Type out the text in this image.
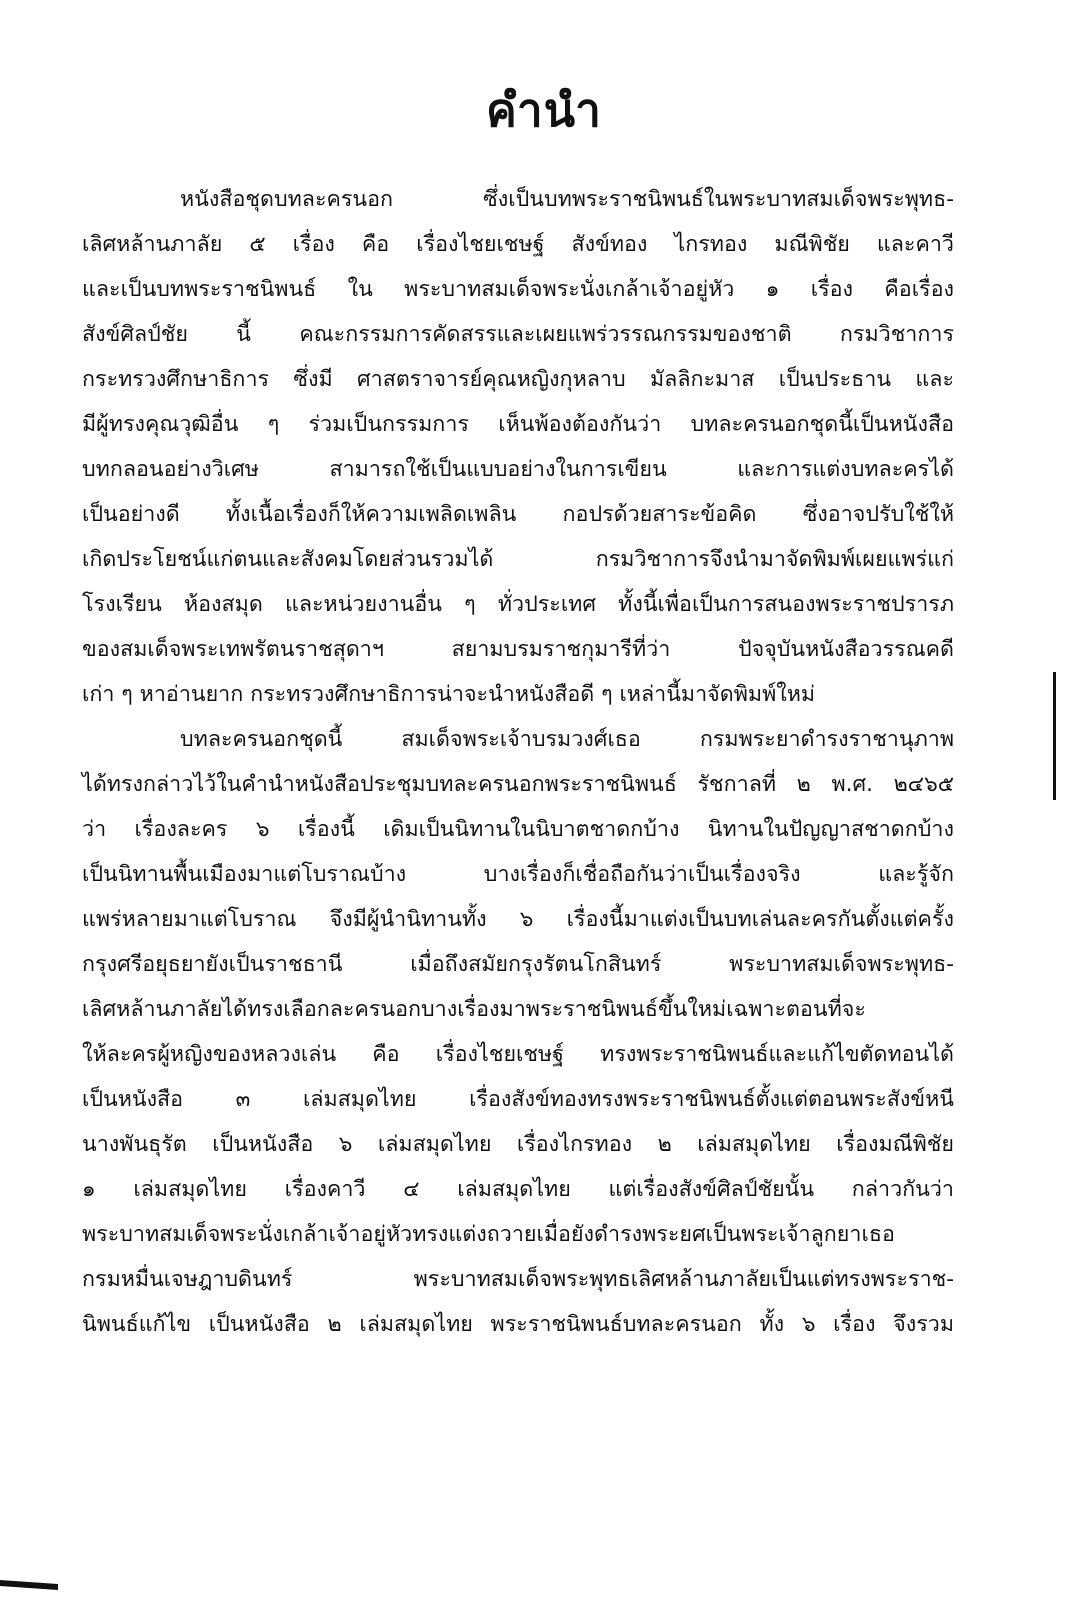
คำนำ
หนังสือชุดบทละครนอก ซึ่งเป็นบทพระราชนิพนธ์ในพระบาทสมเด็จพระพุทธ-
เลิศหล้านภาลัย ๕ เรื่อง คือ เรื่องไชยเชษฐ์ สังข์ทอง ไกรทอง มณีพิชัย และคาวี
และเป็นบทพระราชนิพนธ์ ใน พระบาทสมเด็จพระนั่งเกล้าเจ้าอยู่หัว ๑ เรื่อง คือเรื่อง
สังข์ศิลป์ชัย นี้ คณะกรรมการคัดสรรและเผยแพร่วรรณกรรมของชาติ กรมวิชาการ
กระทรวงศึกษาธิการ ซึ่งมี ศาสตราจารย์คุณหญิงกุหลาบ มัลลิกะมาส เป็นประธาน และ
มีผู้ทรงคุณวุฒิอื่น ๆ ร่วมเป็นกรรมการ เห็นพ้องต้องกันว่า บทละครนอกชุดนี้เป็นหนังสือ
บทกลอนอย่างวิเศษ สามารถใช้เป็นแบบอย่างในการเขียน และการแต่งบทละครได้
เป็นอย่างดี ทั้งเนื้อเรื่องก็ให้ความเพลิดเพลิน กอปรด้วยสาระข้อคิด ซึ่งอาจปรับใช้ให้
เกิดประโยชน์แก่ตนและสังคมโดยส่วนรวมได้ กรมวิชาการจึงนำมาจัดพิมพ์เผยแพร่แก่
โรงเรียน ห้องสมุด และหน่วยงานอื่น ๆ ทั่วประเทศ ทั้งนี้เพื่อเป็นการสนองพระราชปรารภ
ของสมเด็จพระเทพรัตนราชสุดาฯ สยามบรมราชกุมารีที่ว่า ปัจจุบันหนังสือวรรณคดี
เก่า ๆ หาอ่านยาก กระทรวงศึกษาธิการน่าจะนำหนังสือดี ๆ เหล่านี้มาจัดพิมพ์ใหม่
บทละครนอกชุดนี้ สมเด็จพระเจ้าบรมวงศ์เธอ กรมพระยาดำรงราชานุภาพ
ได้ทรงกล่าวไว้ในคำนำหนังสือประชุมบทละครนอกพระราชนิพนธ์ รัชกาลที่ ๒ พ.ศ. ๒๔๖๕
ว่า เรื่องละคร ๖ เรื่องนี้ เดิมเป็นนิทานในนิบาตชาดกบ้าง นิทานในปัญญาสชาดกบ้าง
เป็นนิทานพื้นเมืองมาแต่โบราณบ้าง บางเรื่องก็เชื่อถือกันว่าเป็นเรื่องจริง และรู้จัก
แพร่หลายมาแต่โบราณ จึงมีผู้นำนิทานทั้ง ๖ เรื่องนี้มาแต่งเป็นบทเล่นละครกันตั้งแต่ครั้ง
กรุงศรีอยุธยายังเป็นราชธานี เมื่อถึงสมัยกรุงรัตนโกสินทร์ พระบาทสมเด็จพระพุทธ-
เลิศหล้านภาลัยได้ทรงเลือกละครนอกบางเรื่องมาพระราชนิพนธ์ขึ้นใหม่เฉพาะตอนที่จะ
ให้ละครผู้หญิงของหลวงเล่น คือ เรื่องไชยเชษฐ์ ทรงพระราชนิพนธ์และแก้ไขตัดทอนได้
เป็นหนังสือ ๓ เล่มสมุดไทย เรื่องสังข์ทองทรงพระราชนิพนธ์ตั้งแต่ตอนพระสังข์หนี
นางพันธุรัต เป็นหนังสือ ๖ เล่มสมุดไทย เรื่องไกรทอง ๒ เล่มสมุดไทย เรื่องมณีพิชัย
๑ เล่มสมุดไทย เรื่องคาวี ๔ เล่มสมุดไทย แต่เรื่องสังข์ศิลป์ชัยนั้น กล่าวกันว่า
พระบาทสมเด็จพระนั่งเกล้าเจ้าอยู่หัวทรงแต่งถวายเมื่อยังดำรงพระยศเป็นพระเจ้าลูกยาเธอ
กรมหมื่นเจษฎาบดินทร์ พระบาทสมเด็จพระพุทธเลิศหล้านภาลัยเป็นแต่ทรงพระราช-
นิพนธ์แก้ไข เป็นหนังสือ ๒ เล่มสมุดไทย พระราชนิพนธ์บทละครนอก ทั้ง ๖ เรื่อง จึงรวม
